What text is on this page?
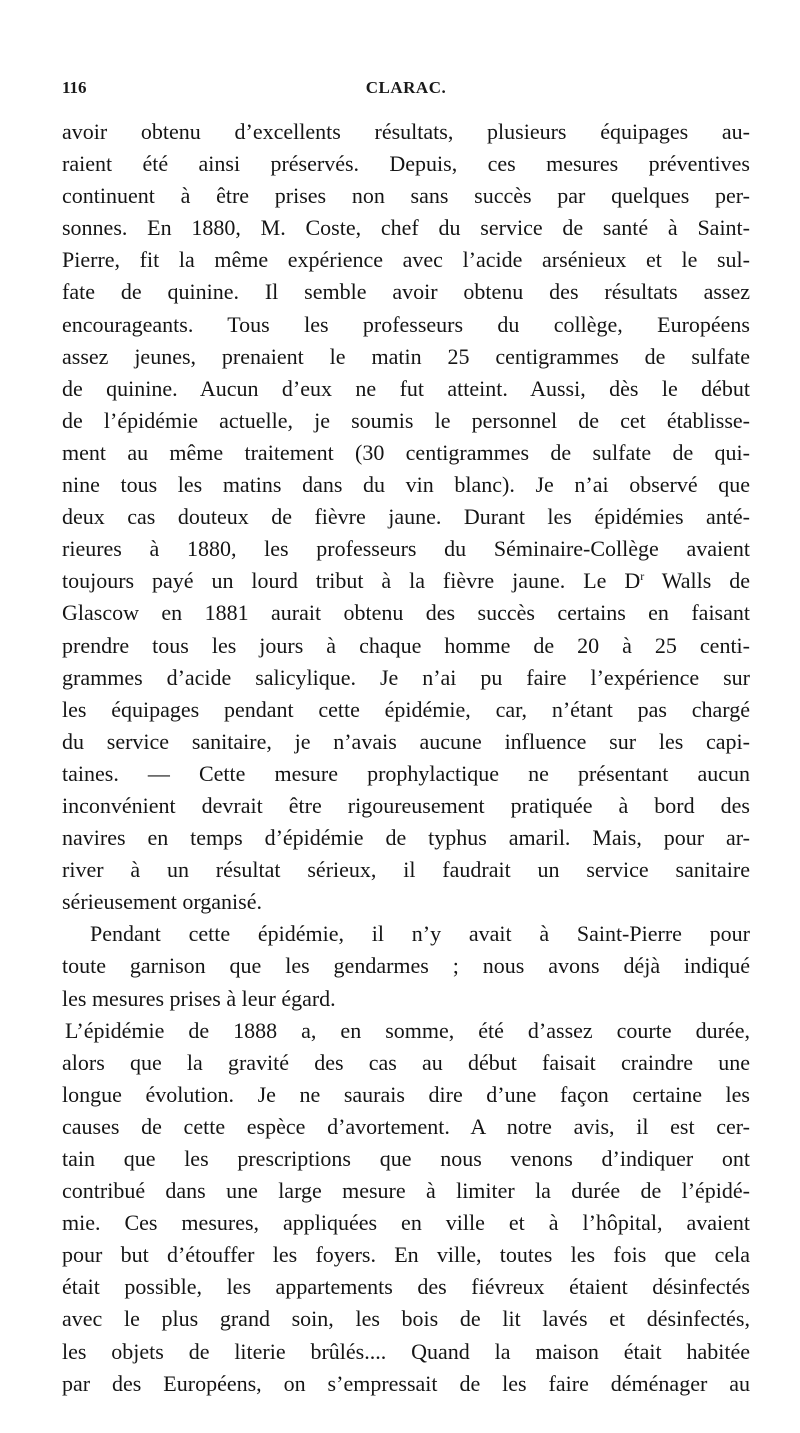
116	CLARAC.
avoir obtenu d’excellents résultats, plusieurs équipages au-
raient été ainsi préservés. Depuis, ces mesures préventives
continuent à être prises non sans succès par quelques per-
sonnes. En 1880, M. Coste, chef du service de santé à Saint-
Pierre, fit la même expérience avec l’acide arsénieux et le sul-
fate de quinine. Il semble avoir obtenu des résultats assez
encourageants. Tous les professeurs du collège, Européens
assez jeunes, prenaient le matin 25 centigrammes de sulfate
de quinine. Aucun d’eux ne fut atteint. Aussi, dès le début
de l’épidémie actuelle, je soumis le personnel de cet établisse-
ment au même traitement (30 centigrammes de sulfate de qui-
nine tous les matins dans du vin blanc). Je n’ai observé que
deux cas douteux de fièvre jaune. Durant les épidémies anté-
rieures à 1880, les professeurs du Séminaire-Collège avaient
toujours payé un lourd tribut à la fièvre jaune. Le $D^r$ Walls de
Glascow en 1881 aurait obtenu des succès certains en faisant
prendre tous les jours à chaque homme de 20 à 25 centi-
grammes d’acide salicylique. Je n’ai pu faire l’expérience sur
les équipages pendant cette épidémie, car, n’étant pas chargé
du service sanitaire, je n’avais aucune influence sur les capi-
taines. — Cette mesure prophylactique ne présentant aucun
inconvénient devrait être rigoureusement pratiquée à bord des
navires en temps d’épidémie de typhus amaril. Mais, pour ar-
river à un résultat sérieux, il faudrait un service sanitaire
sérieusement organisé.
Pendant cette épidémie, il n’y avait à Saint-Pierre pour
toute garnison que les gendarmes ; nous avons déjà indiqué
les mesures prises à leur égard.
L’épidémie de 1888 a, en somme, été d’assez courte durée,
alors que la gravité des cas au début faisait craindre une
longue évolution. Je ne saurais dire d’une façon certaine les
causes de cette espèce d’avortement. A notre avis, il est cer-
tain que les prescriptions que nous venons d’indiquer ont
contribué dans une large mesure à limiter la durée de l’épidé-
mie. Ces mesures, appliquées en ville et à l’hôpital, avaient
pour but d’étouffer les foyers. En ville, toutes les fois que cela
était possible, les appartements des fiévreux étaient désinfectés
avec le plus grand soin, les bois de lit lavés et désinfectés,
les objets de literie brûlés.... Quand la maison était habitée
par des Européens, on s’empressait de les faire déménager au
